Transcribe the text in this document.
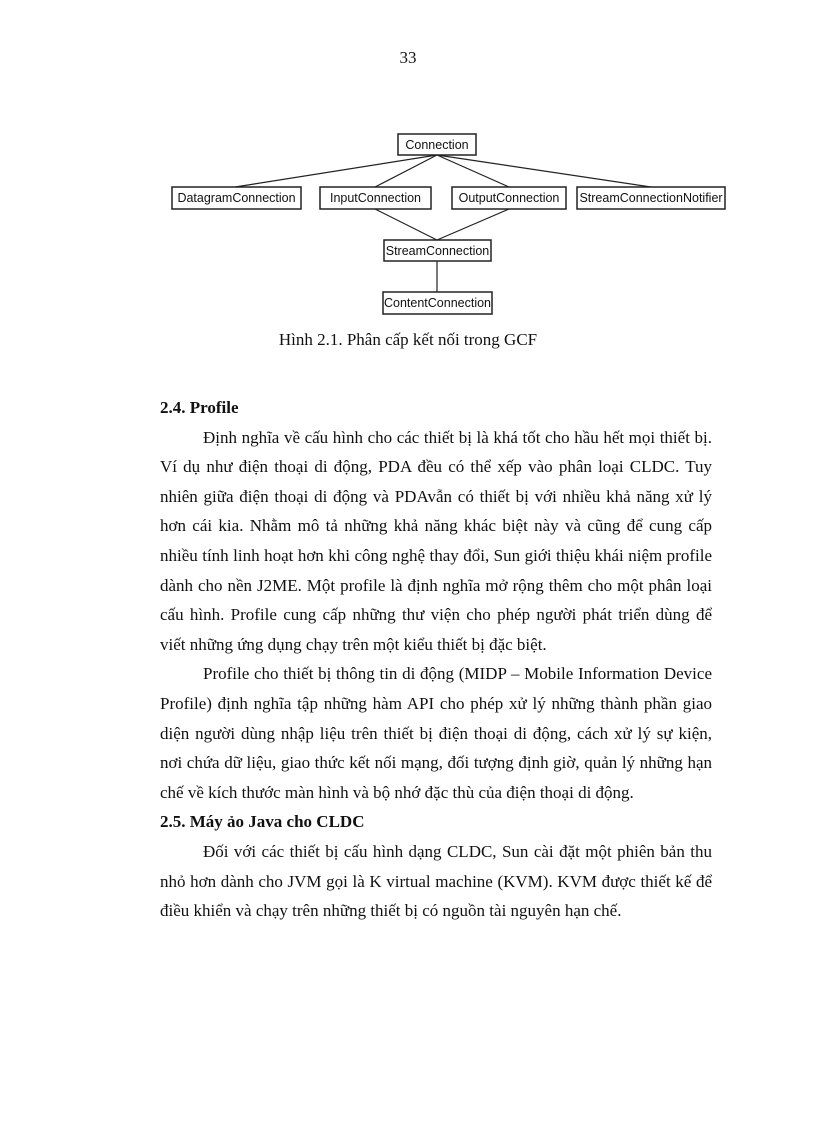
33
Connection
DatagramConnection	InputConnection	OutputConnection StreamConnectionNotifier
StreamConnection
ContentConnection
Hình 2.1. Phân cấp kết nối trong GCF

2.4. Profile

Định nghĩa về cấu hình cho các thiết bị là khá tốt cho hầu hết mọi thiết bị. Ví dụ như điện thoại di động, PDA đều có thể xếp vào phân loại CLDC. Tuy nhiên giữa điện thoại di động và PDAvẫn có thiết bị với nhiều khả năng xử lý hơn cái kia. Nhằm mô tả những khả năng khác biệt này và cũng để cung cấp nhiều tính linh hoạt hơn khi công nghệ thay đổi, Sun giới thiệu khái niệm profile dành cho nền J2ME. Một profile là định nghĩa mở rộng thêm cho một phân loại cấu hình. Profile cung cấp những thư viện cho phép người phát triển dùng để viết những ứng dụng chạy trên một kiểu thiết bị đặc biệt.

Profile cho thiết bị thông tin di động (MIDP – Mobile Information Device Profile) định nghĩa tập những hàm API cho phép xử lý những thành phần giao diện người dùng nhập liệu trên thiết bị điện thoại di động, cách xử lý sự kiện, nơi chứa dữ liệu, giao thức kết nối mạng, đối tượng định giờ, quản lý những hạn chế về kích thước màn hình và bộ nhớ đặc thù của điện thoại di động.

2.5. Máy ảo Java cho CLDC

Đối với các thiết bị cấu hình dạng CLDC, Sun cài đặt một phiên bản thu nhỏ hơn dành cho JVM gọi là K virtual machine (KVM). KVM được thiết kế để điều khiển và chạy trên những thiết bị có nguồn tài nguyên hạn chế.
